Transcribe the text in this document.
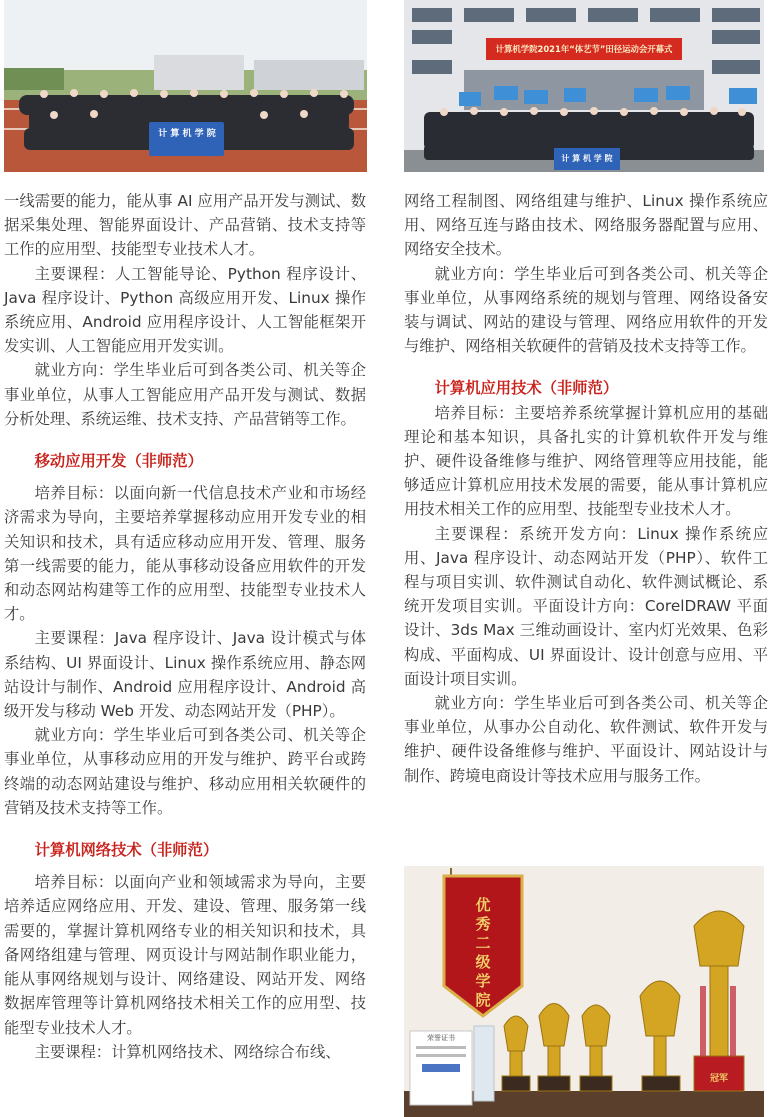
计 算 机 学 院

一线需要的能力，能从事 AI 应用产品开发与测试、数据采集处理、智能界面设计、产品营销、技术支持等工作的应用型、技能型专业技术人才。

主要课程：人工智能导论、Python 程序设计、Java 程序设计、Python 高级应用开发、Linux 操作系统应用、Android 应用程序设计、人工智能框架开发实训、人工智能应用开发实训。

就业方向：学生毕业后可到各类公司、机关等企事业单位，从事人工智能应用产品开发与测试、数据分析处理、系统运维、技术支持、产品营销等工作。

移动应用开发（非师范）

培养目标：以面向新一代信息技术产业和市场经济需求为导向，主要培养掌握移动应用开发专业的相关知识和技术，具有适应移动应用开发、管理、服务第一线需要的能力，能从事移动设备应用软件的开发和动态网站构建等工作的应用型、技能型专业技术人才。

主要课程：Java 程序设计、Java 设计模式与体系结构、UI 界面设计、Linux 操作系统应用、静态网站设计与制作、Android 应用程序设计、Android 高级开发与移动 Web 开发、动态网站开发（PHP）。

就业方向：学生毕业后可到各类公司、机关等企事业单位，从事移动应用的开发与维护、跨平台或跨终端的动态网站建设与维护、移动应用相关软硬件的营销及技术支持等工作。

计算机网络技术（非师范）

培养目标：以面向产业和领域需求为导向，主要培养适应网络应用、开发、建设、管理、服务第一线需要的，掌握计算机网络专业的相关知识和技术，具备网络组建与管理、网页设计与网站制作职业能力，能从事网络规划与设计、网络建设、网站开发、网络数据库管理等计算机网络技术相关工作的应用型、技能型专业技术人才。

主要课程：计算机网络技术、网络综合布线、

计算机学院2021年“体艺节”田径运动会开幕式
计 算 机 学 院

网络工程制图、网络组建与维护、Linux 操作系统应用、网络互连与路由技术、网络服务器配置与应用、网络安全技术。

就业方向：学生毕业后可到各类公司、机关等企事业单位，从事网络系统的规划与管理、网络设备安装与调试、网站的建设与管理、网络应用软件的开发与维护、网络相关软硬件的营销及技术支持等工作。

计算机应用技术（非师范）

培养目标：主要培养系统掌握计算机应用的基础理论和基本知识，具备扎实的计算机软件开发与维护、硬件设备维修与维护、网络管理等应用技能，能够适应计算机应用技术发展的需要，能从事计算机应用技术相关工作的应用型、技能型专业技术人才。

主要课程：系统开发方向：Linux 操作系统应用、Java 程序设计、动态网站开发（PHP）、软件工程与项目实训、软件测试自动化、软件测试概论、系统开发项目实训。平面设计方向：CorelDRAW 平面设计、3ds Max 三维动画设计、室内灯光效果、色彩构成、平面构成、UI 界面设计、设计创意与应用、平面设计项目实训。

就业方向：学生毕业后可到各类公司、机关等企事业单位，从事办公自动化、软件测试、软件开发与维护、硬件设备维修与维护、平面设计、网站设计与制作、跨境电商设计等技术应用与服务工作。

优秀二级学院
荣誉证书
冠军
